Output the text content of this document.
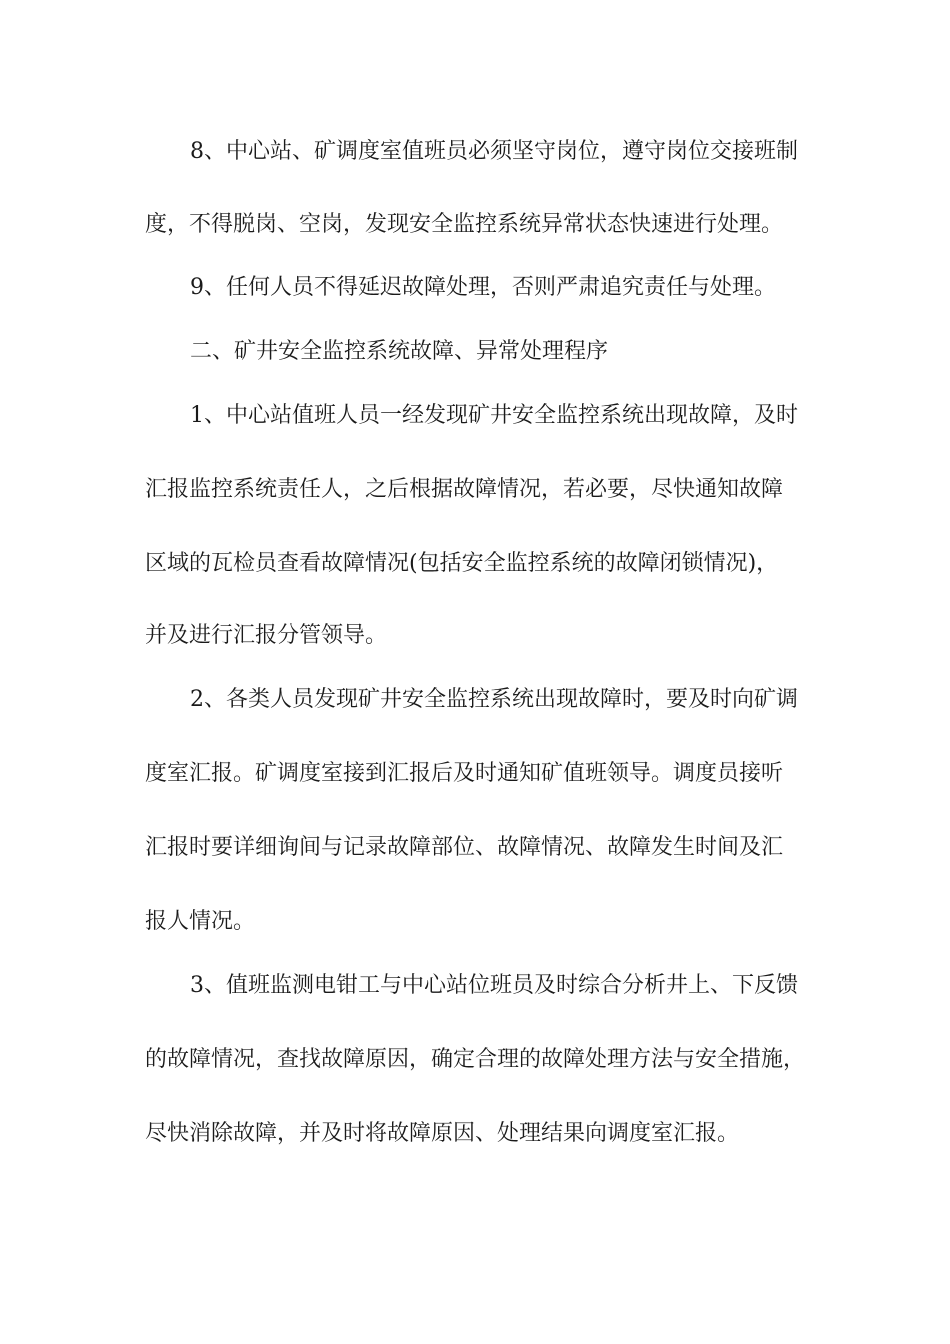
8、中心站、矿调度室值班员必须坚守岗位，遵守岗位交接班制
度，不得脱岗、空岗，发现安全监控系统异常状态快速进行处理。
9、任何人员不得延迟故障处理，否则严肃追究责任与处理。
二、矿井安全监控系统故障、异常处理程序
1、中心站值班人员一经发现矿井安全监控系统出现故障，及时
汇报监控系统责任人，之后根据故障情况，若必要，尽快通知故障
区域的瓦检员查看故障情况(包括安全监控系统的故障闭锁情况)，
并及进行汇报分管领导。
2、各类人员发现矿井安全监控系统出现故障时，要及时向矿调
度室汇报。矿调度室接到汇报后及时通知矿值班领导。调度员接听
汇报时要详细询间与记录故障部位、故障情况、故障发生时间及汇
报人情况。
3、值班监测电钳工与中心站位班员及时综合分析井上、下反馈
的故障情况，查找故障原因，确定合理的故障处理方法与安全措施，
尽快消除故障，并及时将故障原因、处理结果向调度室汇报。
